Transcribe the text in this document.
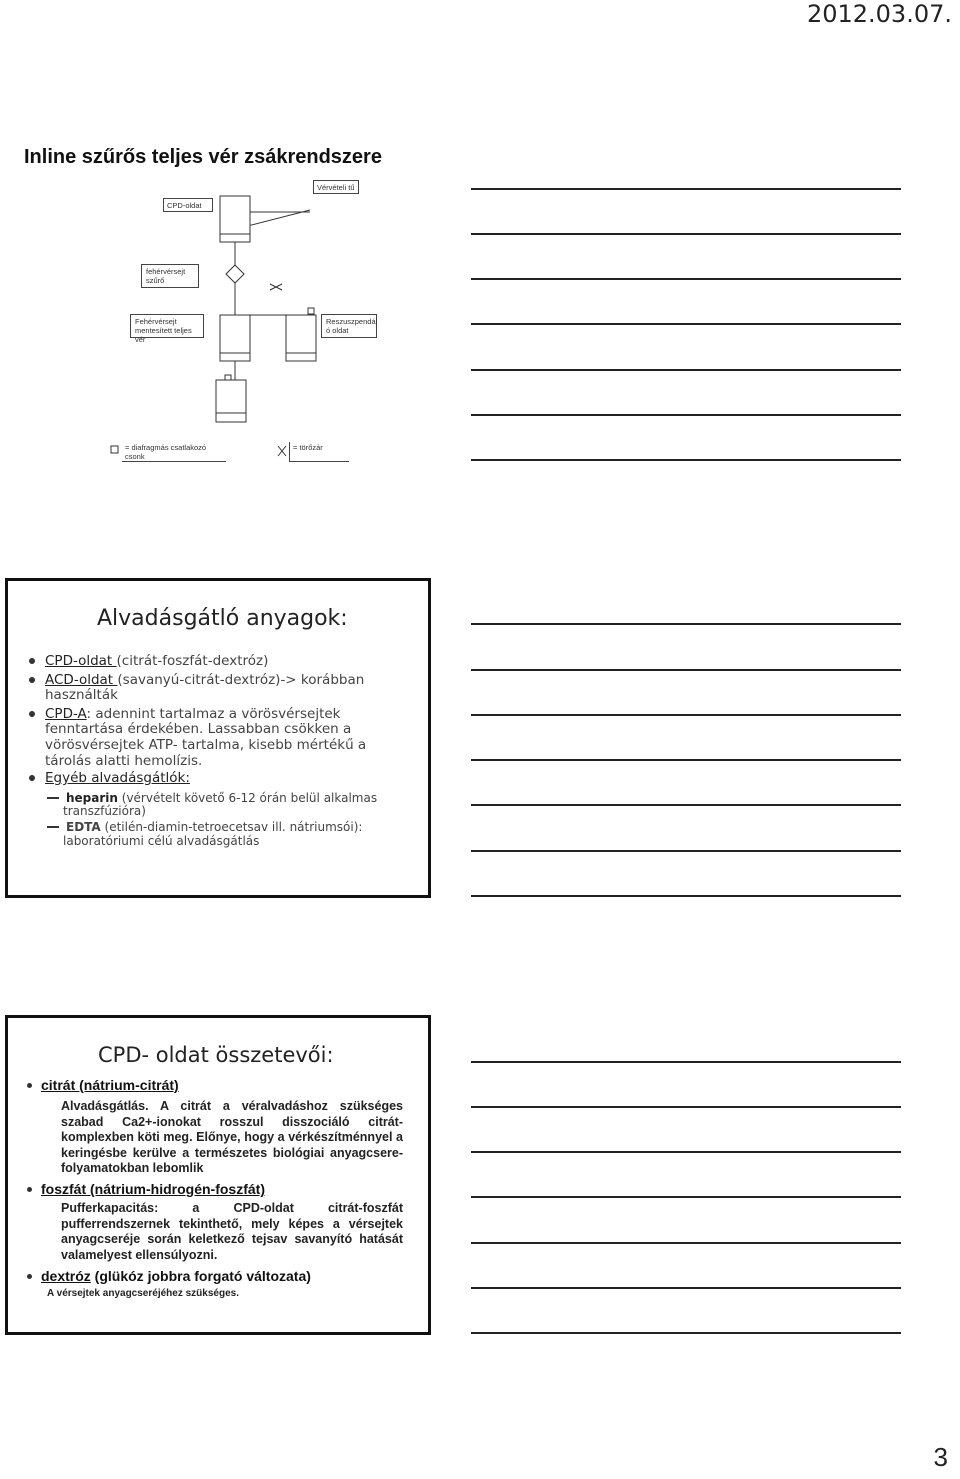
2012.03.07.
3
Inline szűrős teljes vér zsákrendszere
Vérvételi tű
CPD-oldat
fehérvérsejt szűrő
Fehérvérsejt mentesített teljes vér
Reszuszpendál ó oldat
= diafragmás csatlakozó csonk
= törőzár
Alvadásgátló anyagok:
CPD-oldat (citrát-foszfát-dextróz)
ACD-oldat (savanyú-citrát-dextróz)-> korábban
használták
CPD-A: adennint tartalmaz a vörösvérsejtek
fenntartása érdekében. Lassabban csökken a
vörösvérsejtek ATP- tartalma, kisebb mértékű a
tárolás alatti hemolízis.
Egyéb alvadásgátlók:
heparin (vérvételt követő 6-12 órán belül alkalmas
transzfúzióra)
EDTA (etilén-diamin-tetroecetsav ill. nátriumsói):
laboratóriumi célú alvadásgátlás
CPD- oldat összetevői:
citrát (nátrium-citrát)
Alvadásgátlás. A citrát a véralvadáshoz szükséges szabad Ca2+-ionokat rosszul disszociáló citrát-komplexben köti meg. Előnye, hogy a vérkészítménnyel a keringésbe kerülve a természetes biológiai anyagcsere-folyamatokban lebomlik
foszfát (nátrium-hidrogén-foszfát)
Pufferkapacitás: a CPD-oldat citrát-foszfát pufferrendszernek tekinthető, mely képes a vérsejtek anyagcseréje során keletkező tejsav savanyító hatását valamelyest ellensúlyozni.
dextróz (glükóz jobbra forgató változata)
A vérsejtek anyagcseréjéhez szükséges.
